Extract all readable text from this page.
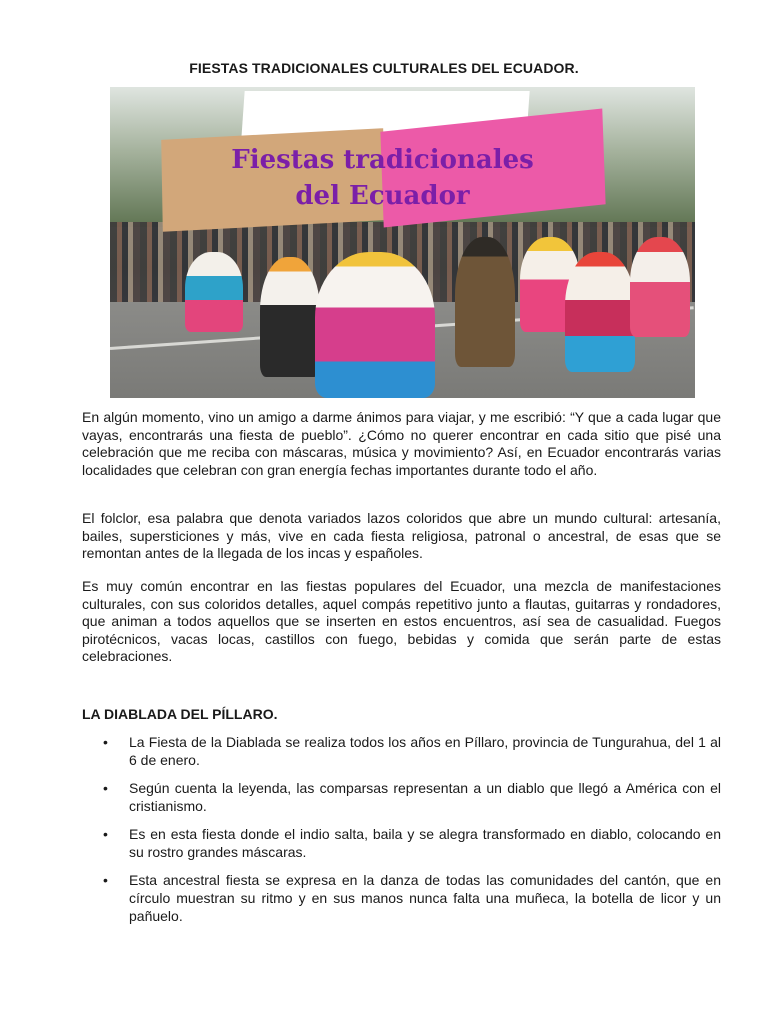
FIESTAS TRADICIONALES CULTURALES DEL ECUADOR.
Fiestas tradicionales
del Ecuador

En algún momento, vino un amigo a darme ánimos para viajar, y me escribió: “Y que a cada lugar que vayas, encontrarás una fiesta de pueblo”. ¿Cómo no querer encontrar en cada sitio que pisé una celebración que me reciba con máscaras, música y movimiento? Así, en Ecuador encontrarás varias localidades que celebran con gran energía fechas importantes durante todo el año.

El folclor, esa palabra que denota variados lazos coloridos que abre un mundo cultural: artesanía, bailes, supersticiones y más, vive en cada fiesta religiosa, patronal o ancestral, de esas que se remontan antes de la llegada de los incas y españoles.

Es muy común encontrar en las fiestas populares del Ecuador, una mezcla de manifestaciones culturales, con sus coloridos detalles, aquel compás repetitivo junto a flautas, guitarras y rondadores, que animan a todos aquellos que se inserten en estos encuentros, así sea de casualidad. Fuegos pirotécnicos, vacas locas, castillos con fuego, bebidas y comida que serán parte de estas celebraciones.

LA DIABLADA DEL PÍLLARO.
• La Fiesta de la Diablada se realiza todos los años en Píllaro, provincia de Tungurahua, del 1 al 6 de enero.
• Según cuenta la leyenda, las comparsas representan a un diablo que llegó a América con el cristianismo.
• Es en esta fiesta donde el indio salta, baila y se alegra transformado en diablo, colocando en su rostro grandes máscaras.
• Esta ancestral fiesta se expresa en la danza de todas las comunidades del cantón, que en círculo muestran su ritmo y en sus manos nunca falta una muñeca, la botella de licor y un pañuelo.
